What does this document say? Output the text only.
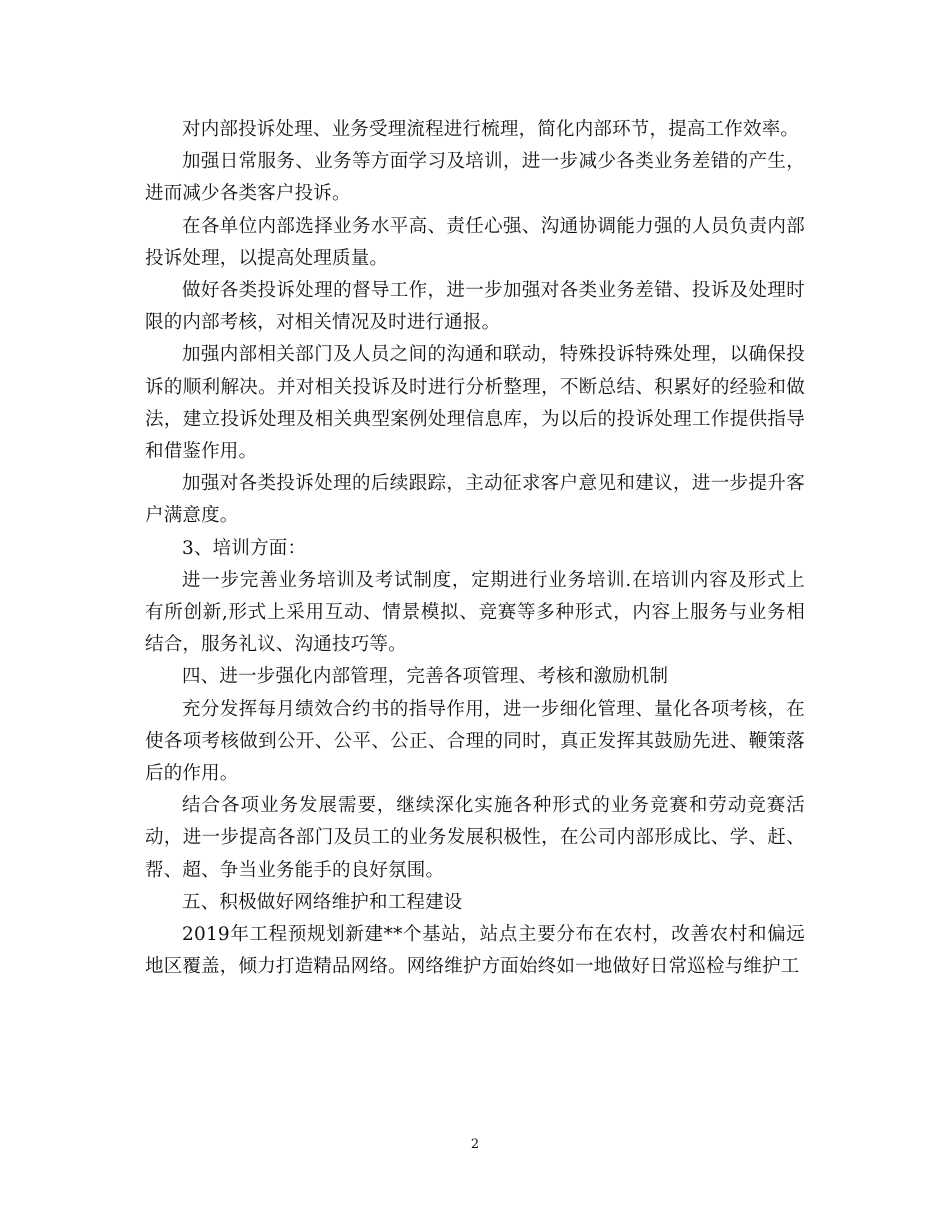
对内部投诉处理、业务受理流程进行梳理，简化内部环节，提高工作效率。

加强日常服务、业务等方面学习及培训，进一步减少各类业务差错的产生，进而减少各类客户投诉。

在各单位内部选择业务水平高、责任心强、沟通协调能力强的人员负责内部投诉处理，以提高处理质量。

做好各类投诉处理的督导工作，进一步加强对各类业务差错、投诉及处理时限的内部考核，对相关情况及时进行通报。

加强内部相关部门及人员之间的沟通和联动，特殊投诉特殊处理，以确保投诉的顺利解决。并对相关投诉及时进行分析整理，不断总结、积累好的经验和做法，建立投诉处理及相关典型案例处理信息库，为以后的投诉处理工作提供指导和借鉴作用。

加强对各类投诉处理的后续跟踪，主动征求客户意见和建议，进一步提升客户满意度。

3、培训方面：

进一步完善业务培训及考试制度，定期进行业务培训.在培训内容及形式上有所创新,形式上采用互动、情景模拟、竞赛等多种形式，内容上服务与业务相结合，服务礼议、沟通技巧等。

四、进一步强化内部管理，完善各项管理、考核和激励机制

充分发挥每月绩效合约书的指导作用，进一步细化管理、量化各项考核，在使各项考核做到公开、公平、公正、合理的同时，真正发挥其鼓励先进、鞭策落后的作用。

结合各项业务发展需要，继续深化实施各种形式的业务竞赛和劳动竞赛活动，进一步提高各部门及员工的业务发展积极性，在公司内部形成比、学、赶、帮、超、争当业务能手的良好氛围。

五、积极做好网络维护和工程建设

2019年工程预规划新建**个基站，站点主要分布在农村，改善农村和偏远地区覆盖，倾力打造精品网络。网络维护方面始终如一地做好日常巡检与维护工

2
